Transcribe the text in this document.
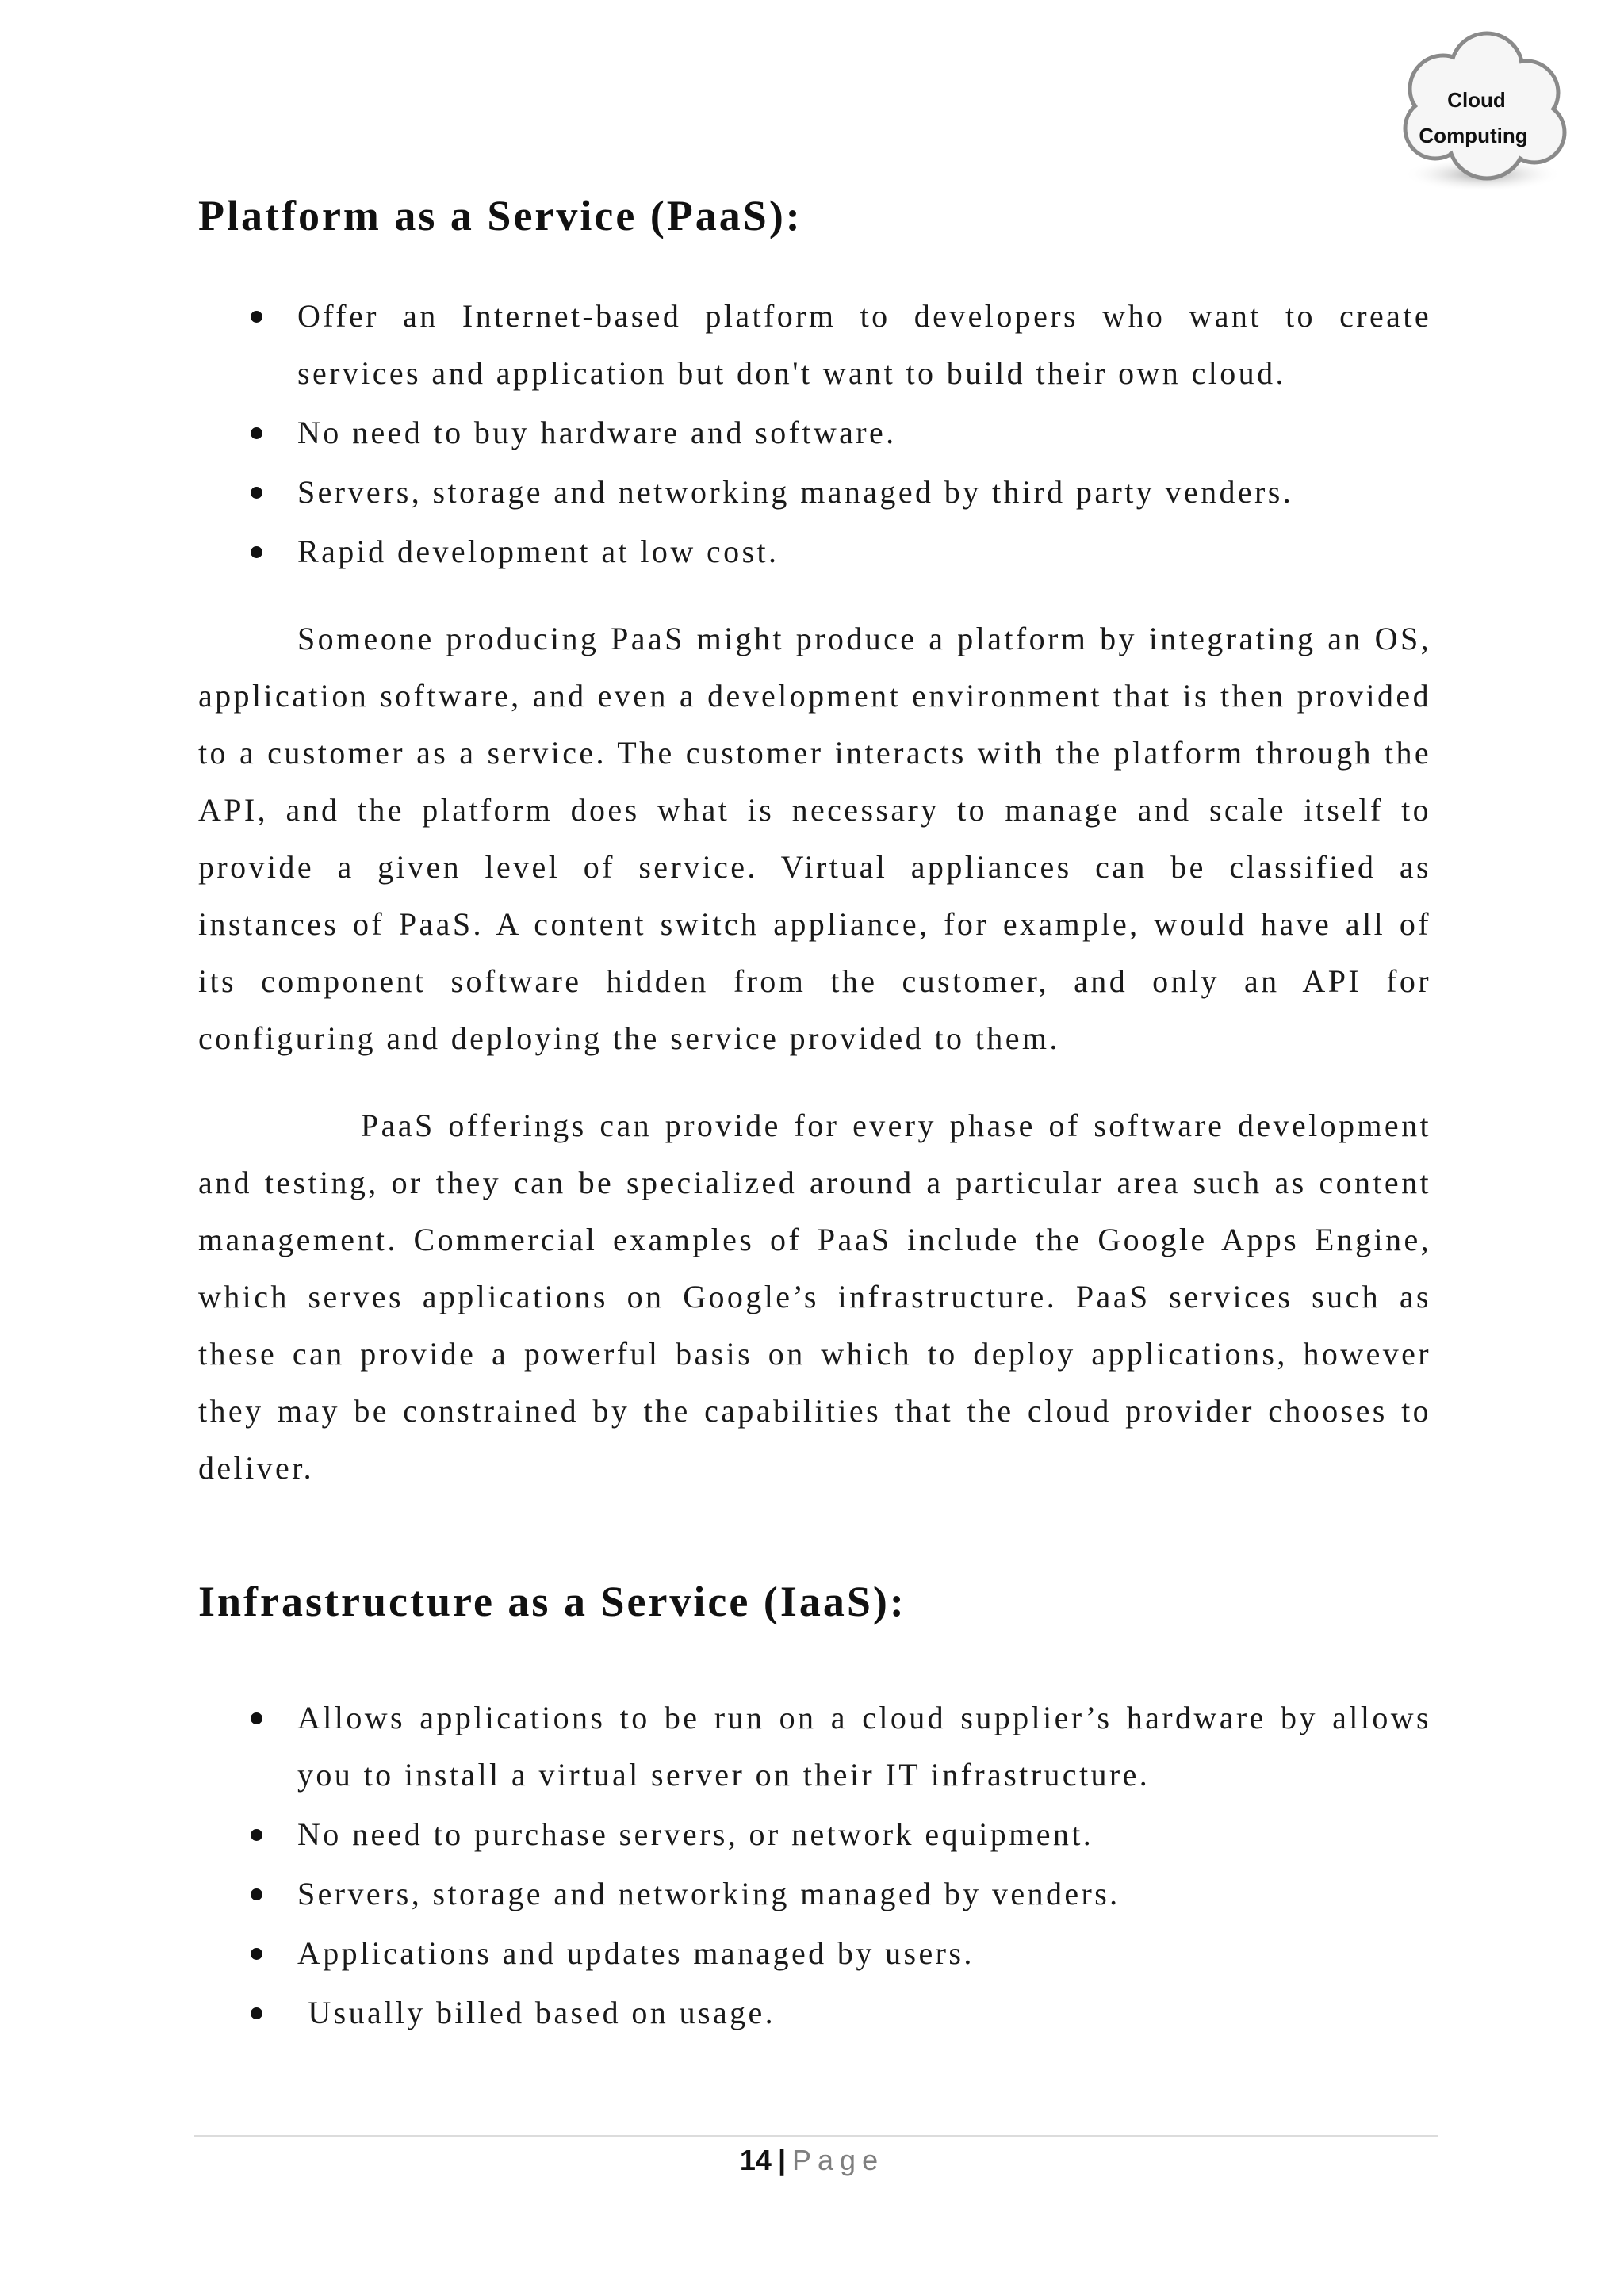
Cloud
Computing
Platform as a Service (PaaS):
Offer an Internet-based platform to developers who want to create services and application but don't want to build their own cloud.
No need to buy hardware and software.
Servers, storage and networking managed by third party venders.
Rapid development at low cost.

Someone producing PaaS might produce a platform by integrating an OS, application software, and even a development environment that is then provided to a customer as a service. The customer interacts with the platform through the API, and the platform does what is necessary to manage and scale itself to provide a given level of service. Virtual appliances can be classified as instances of PaaS. A content switch appliance, for example, would have all of its component software hidden from the customer, and only an API for configuring and deploying the service provided to them.

PaaS offerings can provide for every phase of software development and testing, or they can be specialized around a particular area such as content management. Commercial examples of PaaS include the Google Apps Engine, which serves applications on Google’s infrastructure. PaaS services such as these can provide a powerful basis on which to deploy applications, however they may be constrained by the capabilities that the cloud provider chooses to deliver.

Infrastructure as a Service (IaaS):
Allows applications to be run on a cloud supplier’s hardware by allows you to install a virtual server on their IT infrastructure.
No need to purchase servers, or network equipment.
Servers, storage and networking managed by venders.
Applications and updates managed by users.
Usually billed based on usage.
14 | Page
